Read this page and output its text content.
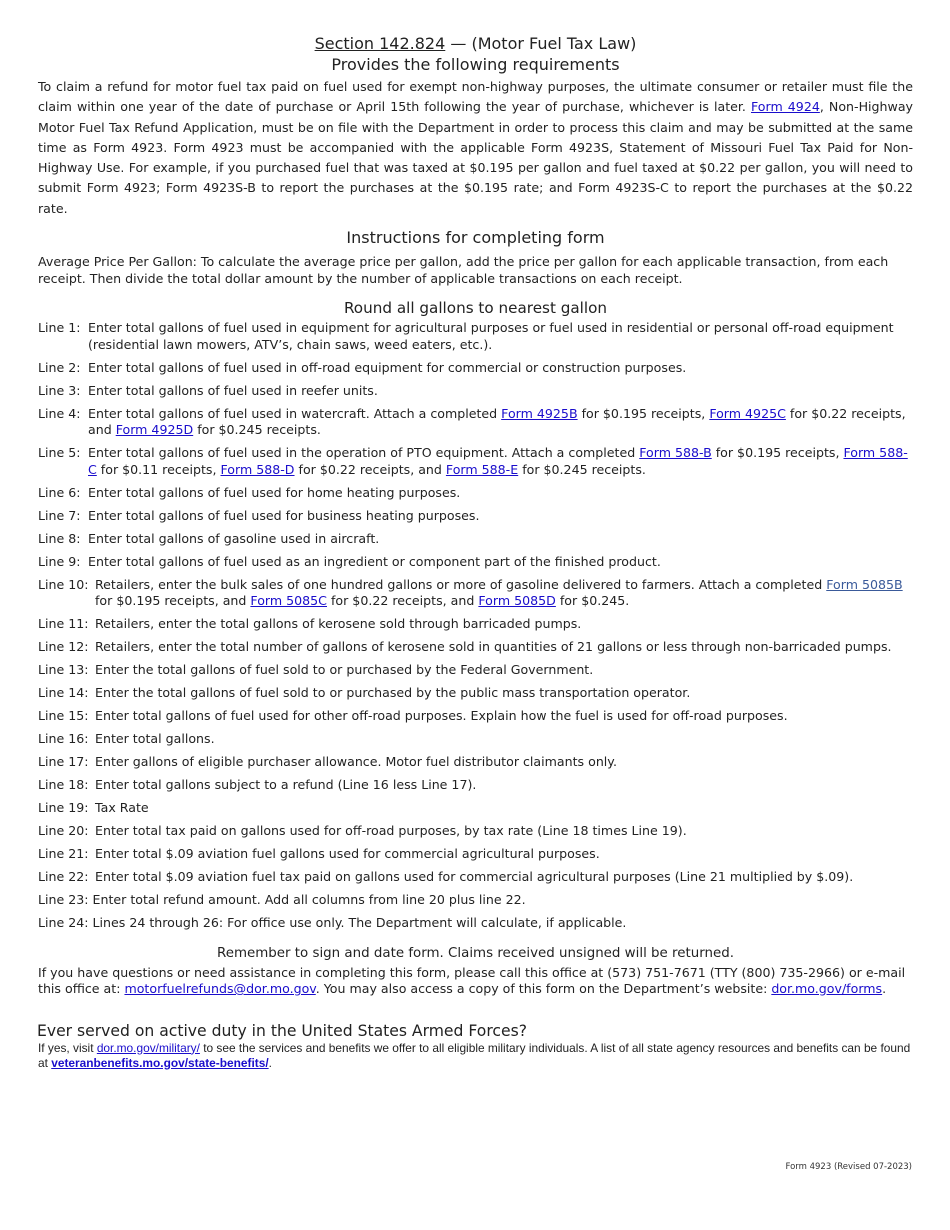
Section 142.824 — (Motor Fuel Tax Law)

Provides the following requirements

To claim a refund for motor fuel tax paid on fuel used for exempt non-highway purposes, the ultimate consumer or retailer must file the claim within one year of the date of purchase or April 15th following the year of purchase, whichever is later. Form 4924, Non-Highway Motor Fuel Tax Refund Application, must be on file with the Department in order to process this claim and may be submitted at the same time as Form 4923. Form 4923 must be accompanied with the applicable Form 4923S, Statement of Missouri Fuel Tax Paid for Non-Highway Use. For example, if you purchased fuel that was taxed at $0.195 per gallon and fuel taxed at $0.22 per gallon, you will need to submit Form 4923; Form 4923S-B to report the purchases at the $0.195 rate; and Form 4923S-C to report the purchases at the $0.22 rate.

Instructions for completing form

Average Price Per Gallon: To calculate the average price per gallon, add the price per gallon for each applicable transaction, from each receipt. Then divide the total dollar amount by the number of applicable transactions on each receipt.

Round all gallons to nearest gallon

Line 1: Enter total gallons of fuel used in equipment for agricultural purposes or fuel used in residential or personal off-road equipment (residential lawn mowers, ATV’s, chain saws, weed eaters, etc.).
Line 2: Enter total gallons of fuel used in off-road equipment for commercial or construction purposes.
Line 3: Enter total gallons of fuel used in reefer units.
Line 4: Enter total gallons of fuel used in watercraft. Attach a completed Form 4925B for $0.195 receipts, Form 4925C for $0.22 receipts, and Form 4925D for $0.245 receipts.
Line 5: Enter total gallons of fuel used in the operation of PTO equipment. Attach a completed Form 588-B for $0.195 receipts, Form 588-C for $0.11 receipts, Form 588-D for $0.22 receipts, and Form 588-E for $0.245 receipts.
Line 6: Enter total gallons of fuel used for home heating purposes.
Line 7: Enter total gallons of fuel used for business heating purposes.
Line 8: Enter total gallons of gasoline used in aircraft.
Line 9: Enter total gallons of fuel used as an ingredient or component part of the finished product.
Line 10: Retailers, enter the bulk sales of one hundred gallons or more of gasoline delivered to farmers. Attach a completed Form 5085B for $0.195 receipts, and Form 5085C for $0.22 receipts, and Form 5085D for $0.245.
Line 11: Retailers, enter the total gallons of kerosene sold through barricaded pumps.
Line 12: Retailers, enter the total number of gallons of kerosene sold in quantities of 21 gallons or less through non-barricaded pumps.
Line 13: Enter the total gallons of fuel sold to or purchased by the Federal Government.
Line 14: Enter the total gallons of fuel sold to or purchased by the public mass transportation operator.
Line 15: Enter total gallons of fuel used for other off-road purposes. Explain how the fuel is used for off-road purposes.
Line 16: Enter total gallons.
Line 17: Enter gallons of eligible purchaser allowance. Motor fuel distributor claimants only.
Line 18: Enter total gallons subject to a refund (Line 16 less Line 17).
Line 19: Tax Rate
Line 20: Enter total tax paid on gallons used for off-road purposes, by tax rate (Line 18 times Line 19).
Line 21: Enter total $.09 aviation fuel gallons used for commercial agricultural purposes.
Line 22: Enter total $.09 aviation fuel tax paid on gallons used for commercial agricultural purposes (Line 21 multiplied by $.09).
Line 23: Enter total refund amount. Add all columns from line 20 plus line 22.
Line 24: Lines 24 through 26: For office use only. The Department will calculate, if applicable.

Remember to sign and date form. Claims received unsigned will be returned.

If you have questions or need assistance in completing this form, please call this office at (573) 751-7671 (TTY (800) 735-2966) or e-mail this office at: motorfuelrefunds@dor.mo.gov. You may also access a copy of this form on the Department’s website: dor.mo.gov/forms.

Ever served on active duty in the United States Armed Forces?

If yes, visit dor.mo.gov/military/ to see the services and benefits we offer to all eligible military individuals. A list of all state agency resources and benefits can be found at veteranbenefits.mo.gov/state-benefits/.

Form 4923 (Revised 07-2023)
